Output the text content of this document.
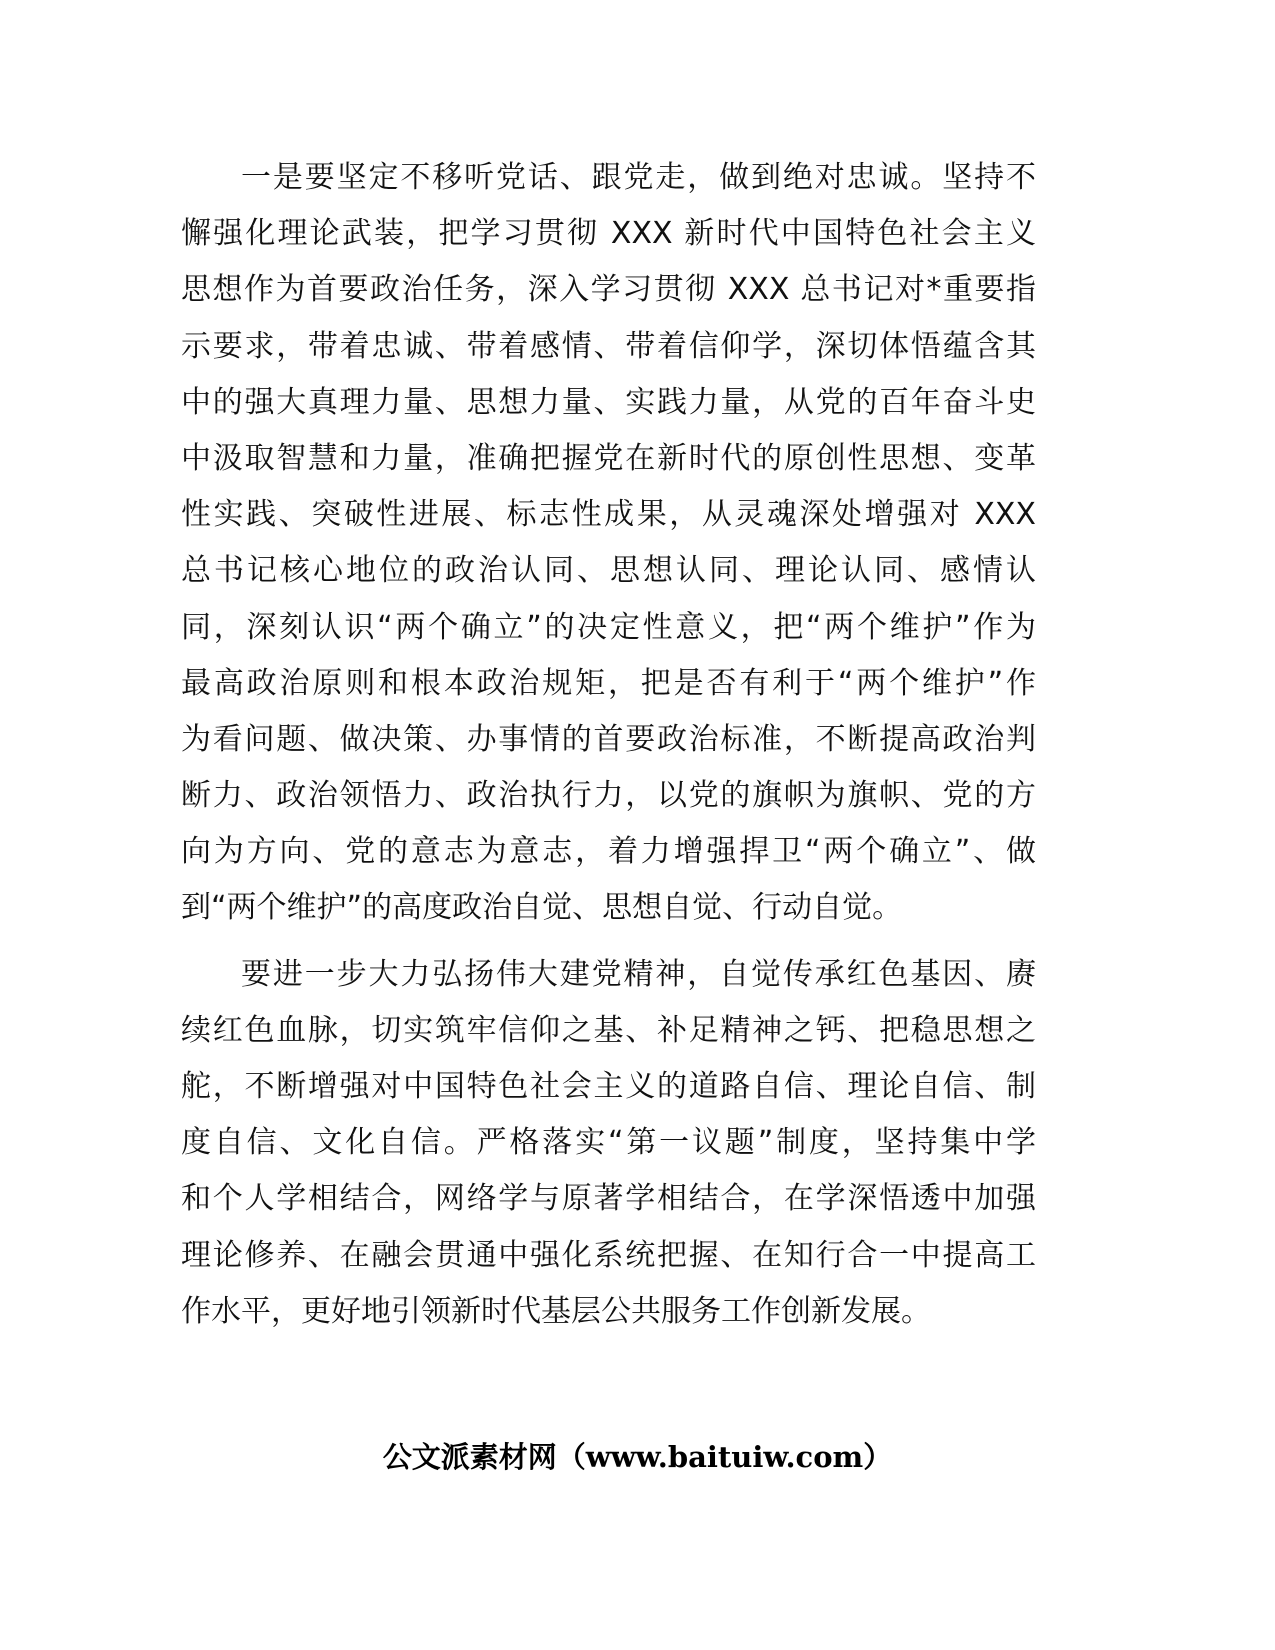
一是要坚定不移听党话、跟党走，做到绝对忠诚。坚持不
懈强化理论武装，把学习贯彻 XXX 新时代中国特色社会主义
思想作为首要政治任务，深入学习贯彻 XXX 总书记对*重要指
示要求，带着忠诚、带着感情、带着信仰学，深切体悟蕴含其
中的强大真理力量、思想力量、实践力量，从党的百年奋斗史
中汲取智慧和力量，准确把握党在新时代的原创性思想、变革
性实践、突破性进展、标志性成果，从灵魂深处增强对 XXX
总书记核心地位的政治认同、思想认同、理论认同、感情认
同，深刻认识“两个确立”的决定性意义，把“两个维护”作为
最高政治原则和根本政治规矩，把是否有利于“两个维护”作
为看问题、做决策、办事情的首要政治标准，不断提高政治判
断力、政治领悟力、政治执行力，以党的旗帜为旗帜、党的方
向为方向、党的意志为意志，着力增强捍卫“两个确立”、做
到“两个维护”的高度政治自觉、思想自觉、行动自觉。
要进一步大力弘扬伟大建党精神，自觉传承红色基因、赓
续红色血脉，切实筑牢信仰之基、补足精神之钙、把稳思想之
舵，不断增强对中国特色社会主义的道路自信、理论自信、制
度自信、文化自信。严格落实“第一议题”制度，坚持集中学
和个人学相结合，网络学与原著学相结合，在学深悟透中加强
理论修养、在融会贯通中强化系统把握、在知行合一中提高工
作水平，更好地引领新时代基层公共服务工作创新发展。
公文派素材网（www.baituiw.com）
